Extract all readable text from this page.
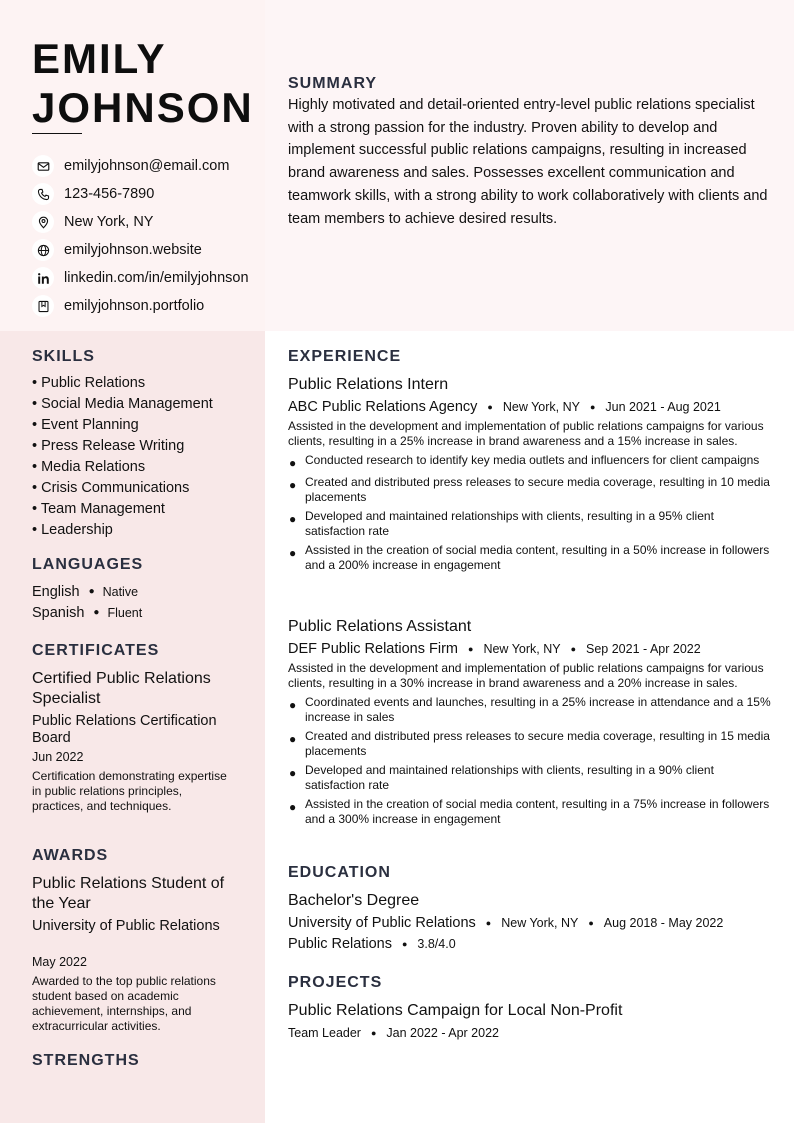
EMILY JOHNSON
emilyjohnson@email.com
123-456-7890
New York, NY
emilyjohnson.website
linkedin.com/in/emilyjohnson
emilyjohnson.portfolio
SUMMARY
Highly motivated and detail-oriented entry-level public relations specialist with a strong passion for the industry. Proven ability to develop and implement successful public relations campaigns, resulting in increased brand awareness and sales. Possesses excellent communication and teamwork skills, with a strong ability to work collaboratively with clients and team members to achieve desired results.
SKILLS
• Public Relations
• Social Media Management
• Event Planning
• Press Release Writing
• Media Relations
• Crisis Communications
• Team Management
• Leadership
LANGUAGES
English ● Native
Spanish ● Fluent
CERTIFICATES
Certified Public Relations Specialist
Public Relations Certification Board
Jun 2022
Certification demonstrating expertise in public relations principles, practices, and techniques.
AWARDS
Public Relations Student of the Year
University of Public Relations
May 2022
Awarded to the top public relations student based on academic achievement, internships, and extracurricular activities.
STRENGTHS
EXPERIENCE
Public Relations Intern
ABC Public Relations Agency ● New York, NY ● Jun 2021 - Aug 2021
Assisted in the development and implementation of public relations campaigns for various clients, resulting in a 25% increase in brand awareness and a 15% increase in sales.
● Conducted research to identify key media outlets and influencers for client campaigns
● Created and distributed press releases to secure media coverage, resulting in 10 media placements
● Developed and maintained relationships with clients, resulting in a 95% client satisfaction rate
● Assisted in the creation of social media content, resulting in a 50% increase in followers and a 200% increase in engagement
Public Relations Assistant
DEF Public Relations Firm ● New York, NY ● Sep 2021 - Apr 2022
Assisted in the development and implementation of public relations campaigns for various clients, resulting in a 30% increase in brand awareness and a 20% increase in sales.
● Coordinated events and launches, resulting in a 25% increase in attendance and a 15% increase in sales
● Created and distributed press releases to secure media coverage, resulting in 15 media placements
● Developed and maintained relationships with clients, resulting in a 90% client satisfaction rate
● Assisted in the creation of social media content, resulting in a 75% increase in followers and a 300% increase in engagement
EDUCATION
Bachelor's Degree
University of Public Relations ● New York, NY ● Aug 2018 - May 2022
Public Relations ● 3.8/4.0
PROJECTS
Public Relations Campaign for Local Non-Profit
Team Leader ● Jan 2022 - Apr 2022
